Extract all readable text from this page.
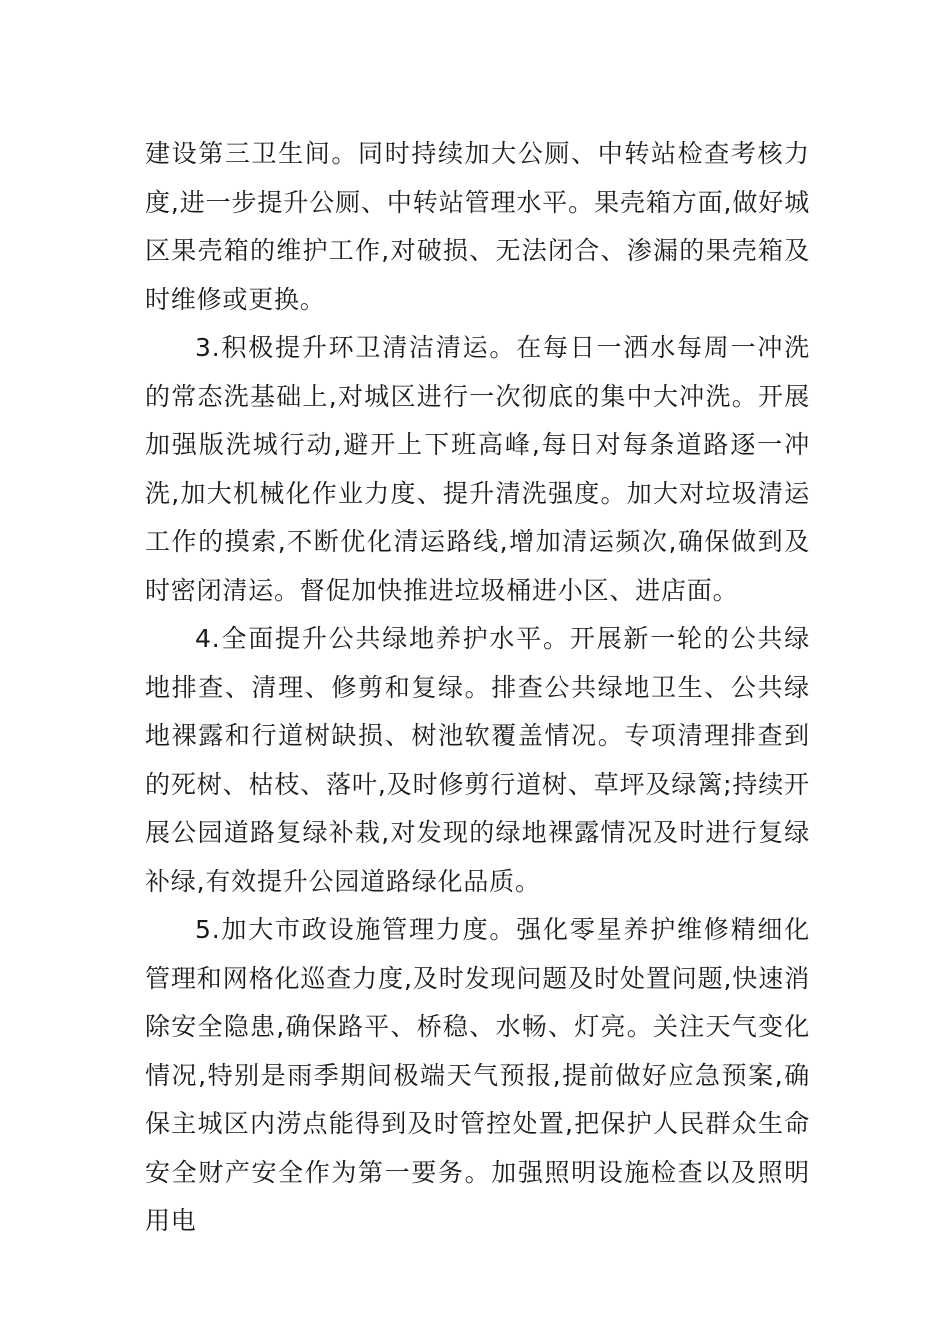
建设第三卫生间。同时持续加大公厕、中转站检查考核力度,进一步提升公厕、中转站管理水平。果壳箱方面,做好城区果壳箱的维护工作,对破损、无法闭合、渗漏的果壳箱及时维修或更换。

3.积极提升环卫清洁清运。在每日一洒水每周一冲洗的常态洗基础上,对城区进行一次彻底的集中大冲洗。开展加强版洗城行动,避开上下班高峰,每日对每条道路逐一冲洗,加大机械化作业力度、提升清洗强度。加大对垃圾清运工作的摸索,不断优化清运路线,增加清运频次,确保做到及时密闭清运。督促加快推进垃圾桶进小区、进店面。

4.全面提升公共绿地养护水平。开展新一轮的公共绿地排查、清理、修剪和复绿。排查公共绿地卫生、公共绿地裸露和行道树缺损、树池软覆盖情况。专项清理排查到的死树、枯枝、落叶,及时修剪行道树、草坪及绿篱;持续开展公园道路复绿补栽,对发现的绿地裸露情况及时进行复绿补绿,有效提升公园道路绿化品质。

5.加大市政设施管理力度。强化零星养护维修精细化管理和网格化巡查力度,及时发现问题及时处置问题,快速消除安全隐患,确保路平、桥稳、水畅、灯亮。关注天气变化情况,特别是雨季期间极端天气预报,提前做好应急预案,确保主城区内涝点能得到及时管控处置,把保护人民群众生命安全财产安全作为第一要务。加强照明设施检查以及照明用电
